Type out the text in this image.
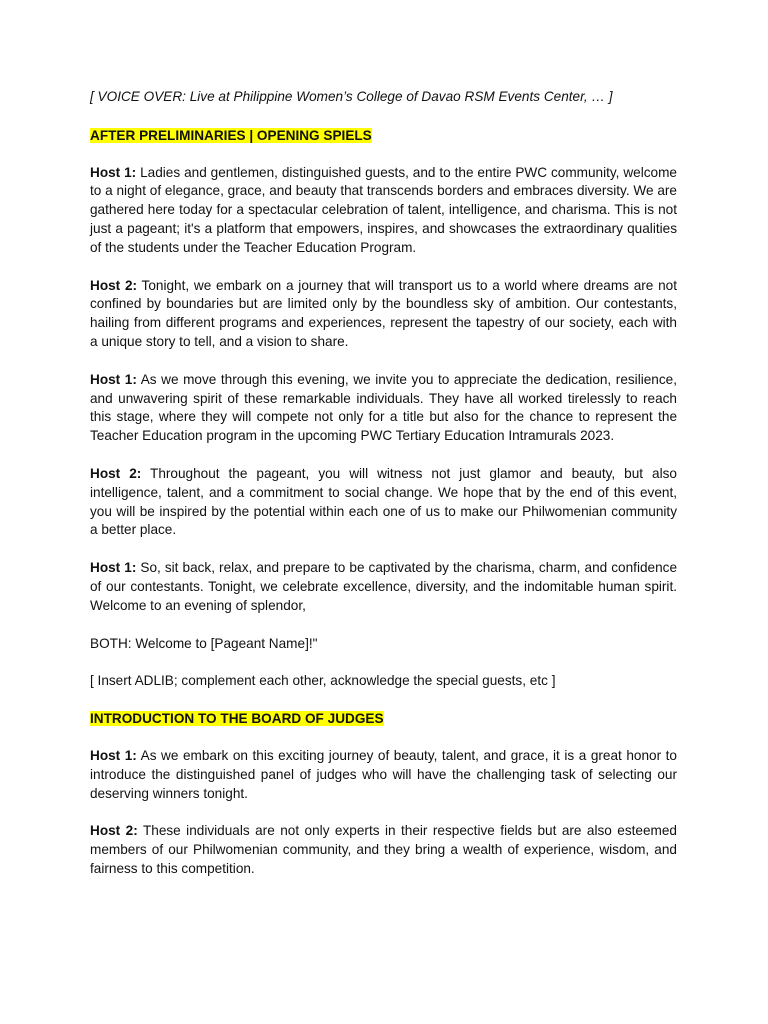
[ VOICE OVER: Live at Philippine Women’s College of Davao RSM Events Center, … ]

AFTER PRELIMINARIES | OPENING SPIELS

Host 1: Ladies and gentlemen, distinguished guests, and to the entire PWC community, welcome to a night of elegance, grace, and beauty that transcends borders and embraces diversity. We are gathered here today for a spectacular celebration of talent, intelligence, and charisma. This is not just a pageant; it's a platform that empowers, inspires, and showcases the extraordinary qualities of the students under the Teacher Education Program.

Host 2: Tonight, we embark on a journey that will transport us to a world where dreams are not confined by boundaries but are limited only by the boundless sky of ambition. Our contestants, hailing from different programs and experiences, represent the tapestry of our society, each with a unique story to tell, and a vision to share.

Host 1: As we move through this evening, we invite you to appreciate the dedication, resilience, and unwavering spirit of these remarkable individuals. They have all worked tirelessly to reach this stage, where they will compete not only for a title but also for the chance to represent the Teacher Education program in the upcoming PWC Tertiary Education Intramurals 2023.

Host 2: Throughout the pageant, you will witness not just glamor and beauty, but also intelligence, talent, and a commitment to social change. We hope that by the end of this event, you will be inspired by the potential within each one of us to make our Philwomenian community a better place.

Host 1: So, sit back, relax, and prepare to be captivated by the charisma, charm, and confidence of our contestants. Tonight, we celebrate excellence, diversity, and the indomitable human spirit. Welcome to an evening of splendor,

BOTH: Welcome to [Pageant Name]!"

[ Insert ADLIB; complement each other, acknowledge the special guests, etc ]

INTRODUCTION TO THE BOARD OF JUDGES

Host 1: As we embark on this exciting journey of beauty, talent, and grace, it is a great honor to introduce the distinguished panel of judges who will have the challenging task of selecting our deserving winners tonight.

Host 2: These individuals are not only experts in their respective fields but are also esteemed members of our Philwomenian community, and they bring a wealth of experience, wisdom, and fairness to this competition.
